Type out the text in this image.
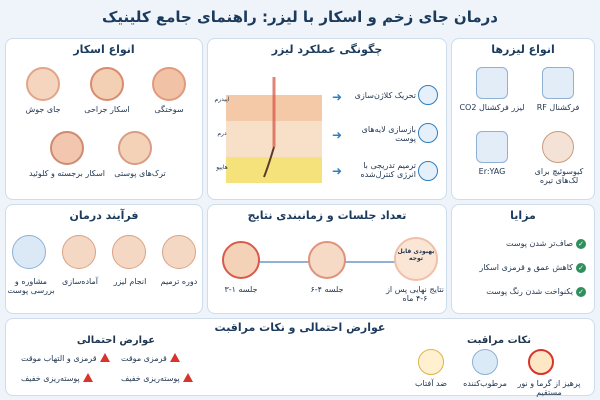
درمان جای زخم و اسکار با لیزر: راهنمای جامع کلینیک
انواع اسکار
سوختگی
اسکار جراحی
جای جوش
ترک‌های پوستی
اسکار برجسته و کلوئید
چگونگی عملکرد لیزر
اپیدرم
درم
هایپو
➜
➜
➜
تحریک کلاژن‌سازی
بازسازی لایه‌های پوست
ترمیم تدریجی با انرژی کنترل‌شده
انواع لیزرها
فرکشنال RF
لیزر فرکشنال CO2
کیوسوئیچ برای لک‌های تیره
Er:YAG
فرآیند درمان
مشاوره و بررسی پوست
آماده‌سازی	انجام لیزر	دوره ترمیم
تعداد جلسات و زمانبندی نتایج
بهبودی قابل توجه
جلسه ۱-۳	جلسه ۴-۶	نتایج نهایی پس از ۶-۴ ماه
مزایا
✓صاف‌تر شدن پوست
✓کاهش عمق و قرمزی اسکار
✓یکنواخت شدن رنگ پوست
عوارض احتمالی و نکات مراقبت
نکات مراقبت
عوارض احتمالی
قرمزی موقت
قرمزی و التهاب موقت
پوسته‌ریزی خفیف
پوسته‌ریزی خفیف
پرهیز از گرما و نور مستقیم
مرطوب‌کننده
ضد آفتاب
